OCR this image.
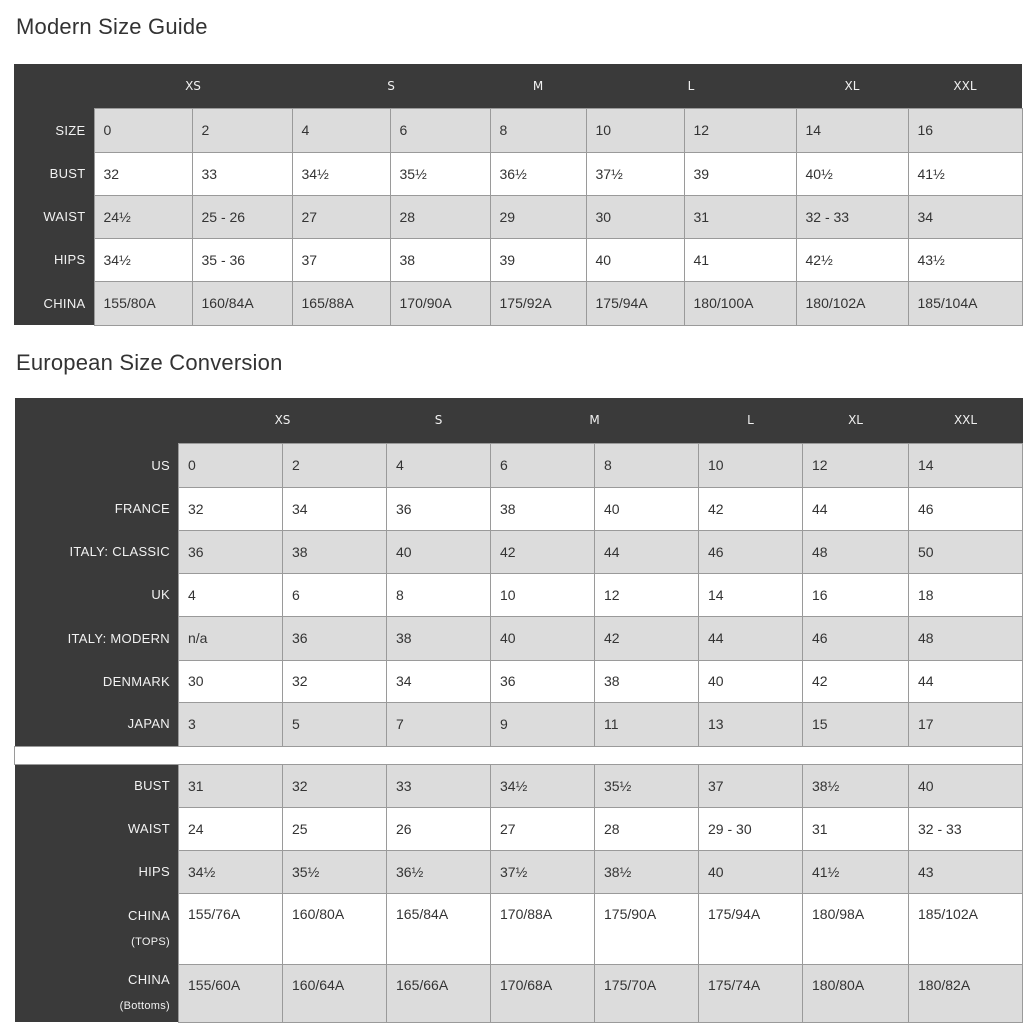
Modern Size Guide
	XS		S		M	L		XL	XXL
SIZE	0	2	4	6	8	10	12	14	16
BUST	32	33	34½	35½	36½	37½	39	40½	41½
WAIST	24½	25 - 26	27	28	29	30	31	32 - 33	34
HIPS	34½	35 - 36	37	38	39	40	41	42½	43½
CHINA	155/80A	160/84A	165/88A	170/90A	175/92A	175/94A	180/100A	180/102A	185/104A
European Size Conversion
	XS		S	M		L	XL	XXL
US	0	2	4	6	8	10	12	14
FRANCE	32	34	36	38	40	42	44	46
ITALY: CLASSIC	36	38	40	42	44	46	48	50
UK	4	6	8	10	12	14	16	18
ITALY: MODERN	n/a	36	38	40	42	44	46	48
DENMARK	30	32	34	36	38	40	42	44
JAPAN	3	5	7	9	11	13	15	17

BUST	31	32	33	34½	35½	37	38½	40
WAIST	24	25	26	27	28	29 - 30	31	32 - 33
HIPS	34½	35½	36½	37½	38½	40	41½	43
CHINA
(TOPS)	155/76A	160/80A	165/84A	170/88A	175/90A	175/94A	180/98A	185/102A
CHINA
(Bottoms)	155/60A	160/64A	165/66A	170/68A	175/70A	175/74A	180/80A	180/82A
